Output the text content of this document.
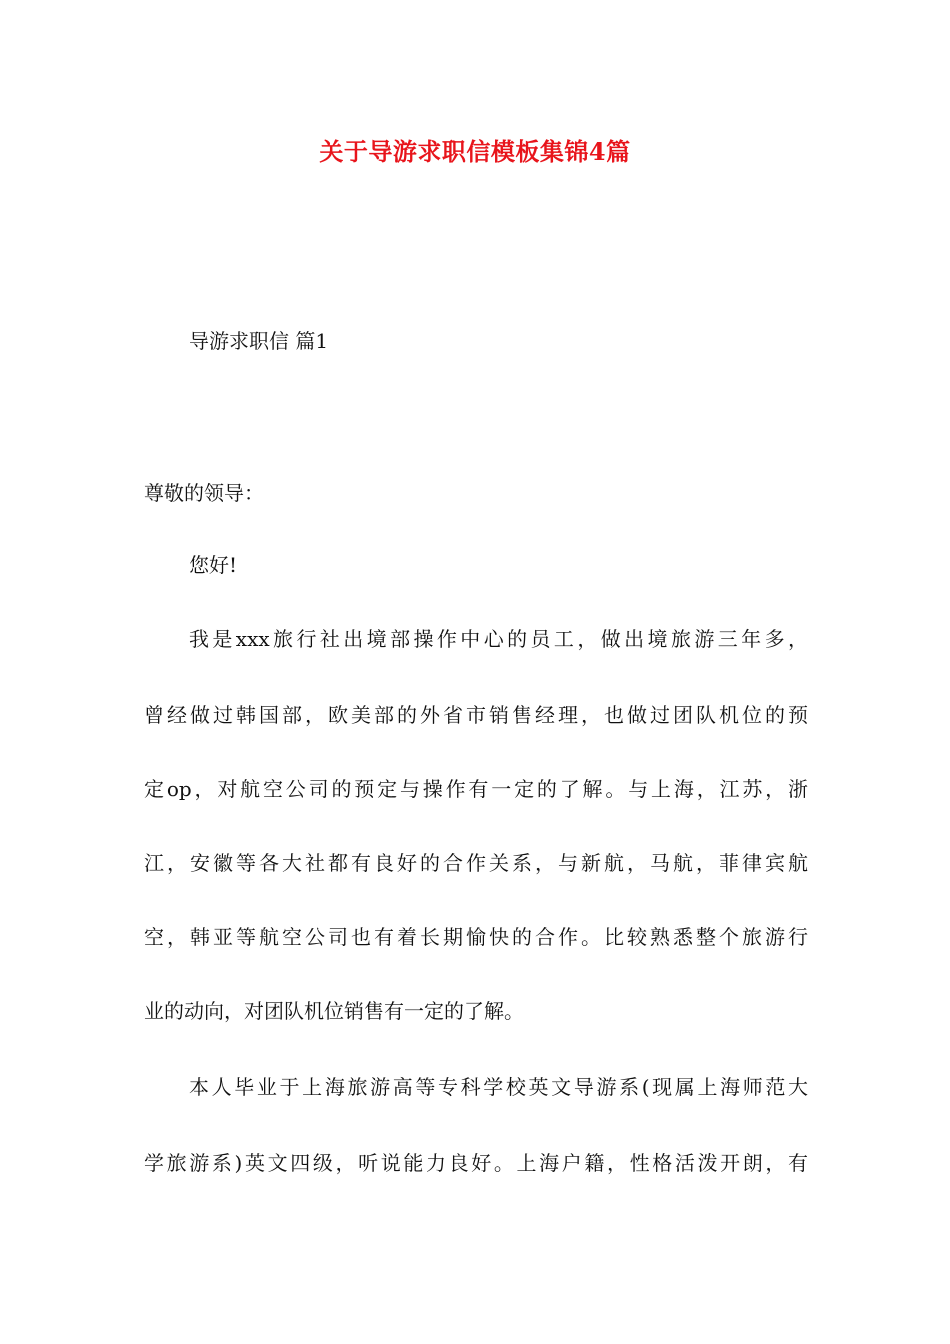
关于导游求职信模板集锦4篇
导游求职信 篇1
尊敬的领导：
您好!
我是xxx旅行社出境部操作中心的员工，做出境旅游三年多，
曾经做过韩国部，欧美部的外省市销售经理，也做过团队机位的预
定op，对航空公司的预定与操作有一定的了解。与上海，江苏，浙
江，安徽等各大社都有良好的合作关系，与新航，马航，菲律宾航
空，韩亚等航空公司也有着长期愉快的合作。比较熟悉整个旅游行
业的动向，对团队机位销售有一定的了解。
本人毕业于上海旅游高等专科学校英文导游系(现属上海师范大
学旅游系)英文四级，听说能力良好。上海户籍，性格活泼开朗，有
